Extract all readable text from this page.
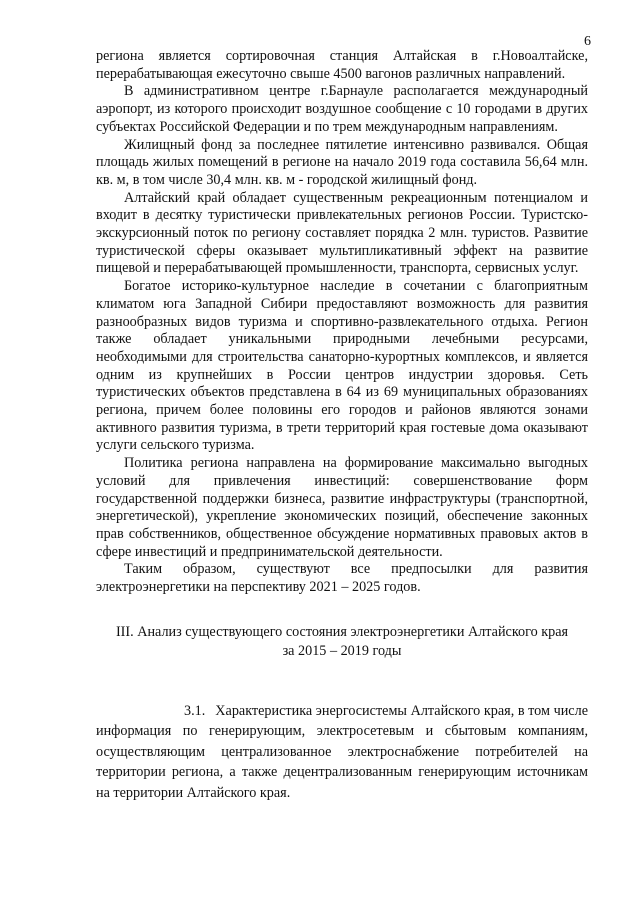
6

региона является сортировочная станция Алтайская в г.Новоалтайске, перерабатывающая ежесуточно свыше 4500 вагонов различных направлений.

В административном центре г.Барнауле располагается международный аэропорт, из которого происходит воздушное сообщение с 10 городами в других субъектах Российской Федерации и по трем международным направлениям.

Жилищный фонд за последнее пятилетие интенсивно развивался. Общая площадь жилых помещений в регионе на начало 2019 года составила 56,64 млн. кв. м, в том числе 30,4 млн. кв. м - городской жилищный фонд.

Алтайский край обладает существенным рекреационным потенциалом и входит в десятку туристически привлекательных регионов России. Туристско-экскурсионный поток по региону составляет порядка 2 млн. туристов. Развитие туристической сферы оказывает мультипликативный эффект на развитие пищевой и перерабатывающей промышленности, транспорта, сервисных услуг.

Богатое историко-культурное наследие в сочетании с благоприятным климатом юга Западной Сибири предоставляют возможность для развития разнообразных видов туризма и спортивно-развлекательного отдыха. Регион также обладает уникальными природными лечебными ресурсами, необходимыми для строительства санаторно-курортных комплексов, и является одним из крупнейших в России центров индустрии здоровья. Сеть туристических объектов представлена в 64 из 69 муниципальных образованиях региона, причем более половины его городов и районов являются зонами активного развития туризма, в трети территорий края гостевые дома оказывают услуги сельского туризма.

Политика региона направлена на формирование максимально выгодных условий для привлечения инвестиций: совершенствование форм государственной поддержки бизнеса, развитие инфраструктуры (транспортной, энергетической), укрепление экономических позиций, обеспечение законных прав собственников, общественное обсуждение нормативных правовых актов в сфере инвестиций и предпринимательской деятельности.

Таким образом, существуют все предпосылки для развития электроэнергетики на перспективу 2021 – 2025 годов.

III. Анализ существующего состояния электроэнергетики Алтайского края
за 2015 – 2019 годы

3.1. Характеристика энергосистемы Алтайского края, в том числе информация по генерирующим, электросетевым и сбытовым компаниям, осуществляющим централизованное электроснабжение потребителей на территории региона, а также децентрализованным генерирующим источникам на территории Алтайского края.
